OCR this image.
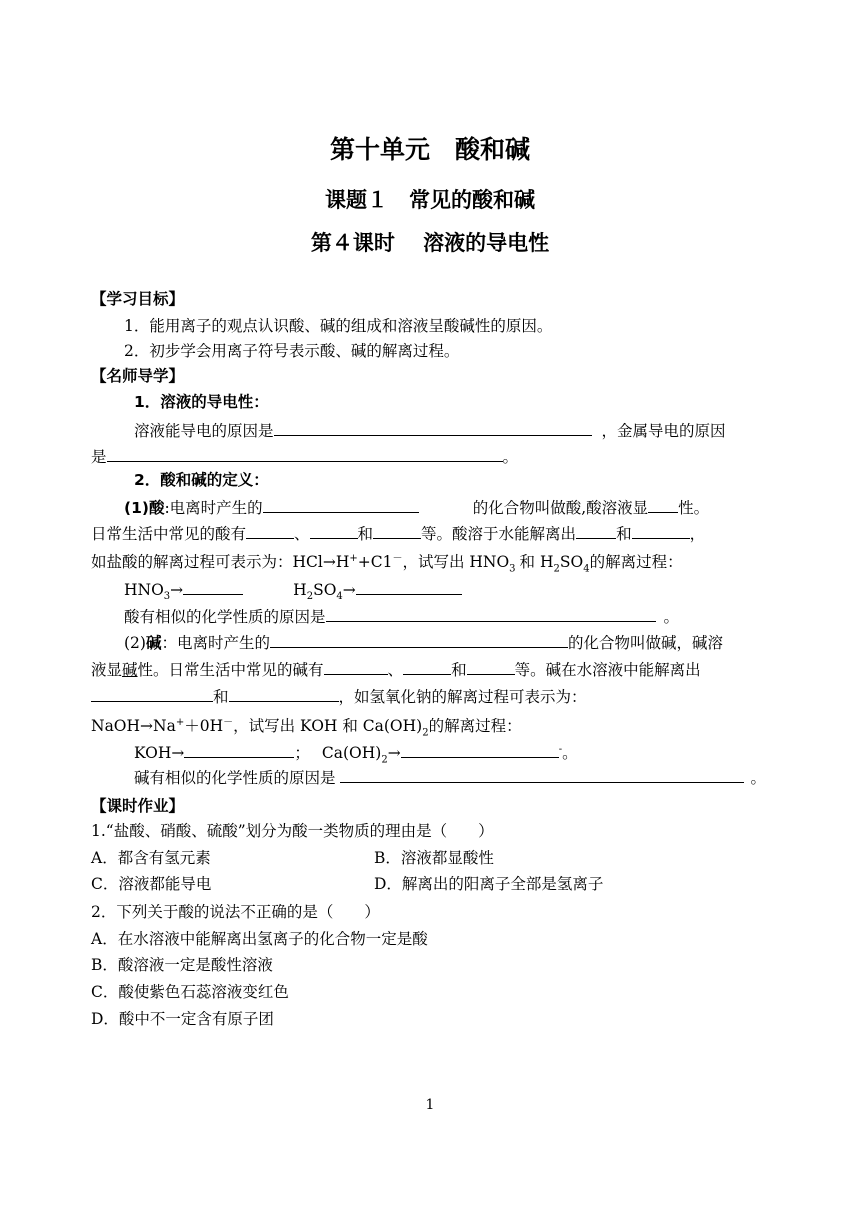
第十单元　酸和碱
课题１　常见的酸和碱
第４课时　 溶液的导电性
【学习目标】
1．能用离子的观点认识酸、碱的组成和溶液呈酸碱性的原因。
2．初步学会用离子符号表示酸、碱的解离过程。
【名师导学】
1．溶液的导电性：
溶液能导电的原因是	，金属导电的原因
是	。
2．酸和碱的定义：
(1)酸:电离时产生的	的化合物叫做酸,酸溶液显 性。
日常生活中常见的酸有	、	和	等。酸溶于水能解离出	和	，
如盐酸的解离过程可表示为：HCl→H++C1－，试写出 $HNO_3$ 和 $H_2SO_4$的解离过程：
$HNO_3\to$	$H_2SO_4\to$
酸有相似的化学性质的原因是	。
(2)碱：电离时产生的	的化合物叫做碱，碱溶
液显碱性。日常生活中常见的碱有	、	和	等。碱在水溶液中能解离出
和	，如氢氧化钠的解离过程可表示为：
NaOH→Na+＋0H－，试写出 KOH 和 $Ca(OH)_2$的解离过程：
KOH→	； $Ca(OH)_2\to$	-。
碱有相似的化学性质的原因是	。
【课时作业】
1.“盐酸、硝酸、硫酸”划分为酸一类物质的理由是（　　）
A．都含有氢元素	B．溶液都显酸性
C．溶液都能导电	D．解离出的阳离子全部是氢离子
2．下列关于酸的说法不正确的是（　　）
A．在水溶液中能解离出氢离子的化合物一定是酸
B．酸溶液一定是酸性溶液
C．酸使紫色石蕊溶液变红色
D．酸中不一定含有原子团
1
